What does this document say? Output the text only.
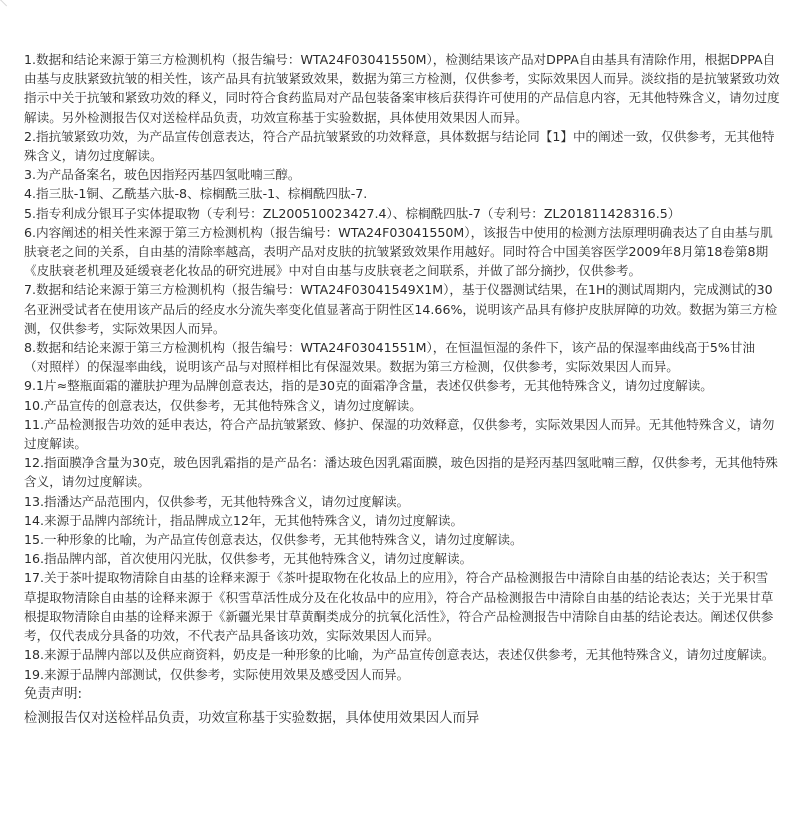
1.数据和结论来源于第三方检测机构（报告编号：WTA24F03041550M），检测结果该产品对DPPA自由基具有清除作用，根据DPPA自由基与皮肤紧致抗皱的相关性，该产品具有抗皱紧致效果，数据为第三方检测，仅供参考，实际效果因人而异。淡纹指的是抗皱紧致功效指示中关于抗皱和紧致功效的释义，同时符合食药监局对产品包装备案审核后获得许可使用的产品信息内容，无其他特殊含义，请勿过度解读。另外检测报告仅对送检样品负责，功效宣称基于实验数据，具体使用效果因人而异。

2.指抗皱紧致功效，为产品宣传创意表达，符合产品抗皱紧致的功效释意，具体数据与结论同【1】中的阐述一致，仅供参考，无其他特殊含义，请勿过度解读。

3.为产品备案名，玻色因指羟丙基四氢吡喃三醇。

4.指三肽-1铜、乙酰基六肽-8、棕榈酰三肽-1、棕榈酰四肽-7.

5.指专利成分银耳子实体提取物（专利号：ZL200510023427.4）、棕榈酰四肽-7（专利号：ZL201811428316.5）

6.内容阐述的相关性来源于第三方检测机构（报告编号：WTA24F03041550M），该报告中使用的检测方法原理明确表达了自由基与肌肤衰老之间的关系，自由基的清除率越高，表明产品对皮肤的抗皱紧致效果作用越好。同时符合中国美容医学2009年8月第18卷第8期《皮肤衰老机理及延缓衰老化妆品的研究进展》中对自由基与皮肤衰老之间联系，并做了部分摘抄，仅供参考。

7.数据和结论来源于第三方检测机构（报告编号：WTA24F03041549X1M），基于仪器测试结果，在1H的测试周期内，完成测试的30名亚洲受试者在使用该产品后的经皮水分流失率变化值显著高于阴性区14.66%，说明该产品具有修护皮肤屏障的功效。数据为第三方检测，仅供参考，实际效果因人而异。

8.数据和结论来源于第三方检测机构（报告编号：WTA24F03041551M），在恒温恒湿的条件下，该产品的保湿率曲线高于5%甘油（对照样）的保湿率曲线，说明该产品与对照样相比有保湿效果。数据为第三方检测，仅供参考，实际效果因人而异。

9.1片≈整瓶面霜的灌肤护理为品牌创意表达，指的是30克的面霜净含量，表述仅供参考，无其他特殊含义，请勿过度解读。

10.产品宣传的创意表达，仅供参考，无其他特殊含义，请勿过度解读。

11.产品检测报告功效的延申表达，符合产品抗皱紧致、修护、保湿的功效释意，仅供参考，实际效果因人而异。无其他特殊含义，请勿过度解读。

12.指面膜净含量为30克，玻色因乳霜指的是产品名：潘达玻色因乳霜面膜，玻色因指的是羟丙基四氢吡喃三醇，仅供参考，无其他特殊含义，请勿过度解读。

13.指潘达产品范围内，仅供参考，无其他特殊含义，请勿过度解读。

14.来源于品牌内部统计，指品牌成立12年，无其他特殊含义，请勿过度解读。

15.一种形象的比喻，为产品宣传创意表达，仅供参考，无其他特殊含义，请勿过度解读。

16.指品牌内部，首次使用闪光肽，仅供参考，无其他特殊含义，请勿过度解读。

17.关于茶叶提取物清除自由基的诠释来源于《茶叶提取物在化妆品上的应用》，符合产品检测报告中清除自由基的结论表达；关于积雪草提取物清除自由基的诠释来源于《积雪草活性成分及在化妆品中的应用》，符合产品检测报告中清除自由基的结论表达；关于光果甘草根提取物清除自由基的诠释来源于《新疆光果甘草黄酮类成分的抗氧化活性》，符合产品检测报告中清除自由基的结论表达。阐述仅供参考，仅代表成分具备的功效，不代表产品具备该功效，实际效果因人而异。

18.来源于品牌内部以及供应商资料，奶皮是一种形象的比喻，为产品宣传创意表达，表述仅供参考，无其他特殊含义，请勿过度解读。

19.来源于品牌内部测试，仅供参考，实际使用效果及感受因人而异。

免责声明:

检测报告仅对送检样品负责，功效宣称基于实验数据，具体使用效果因人而异
